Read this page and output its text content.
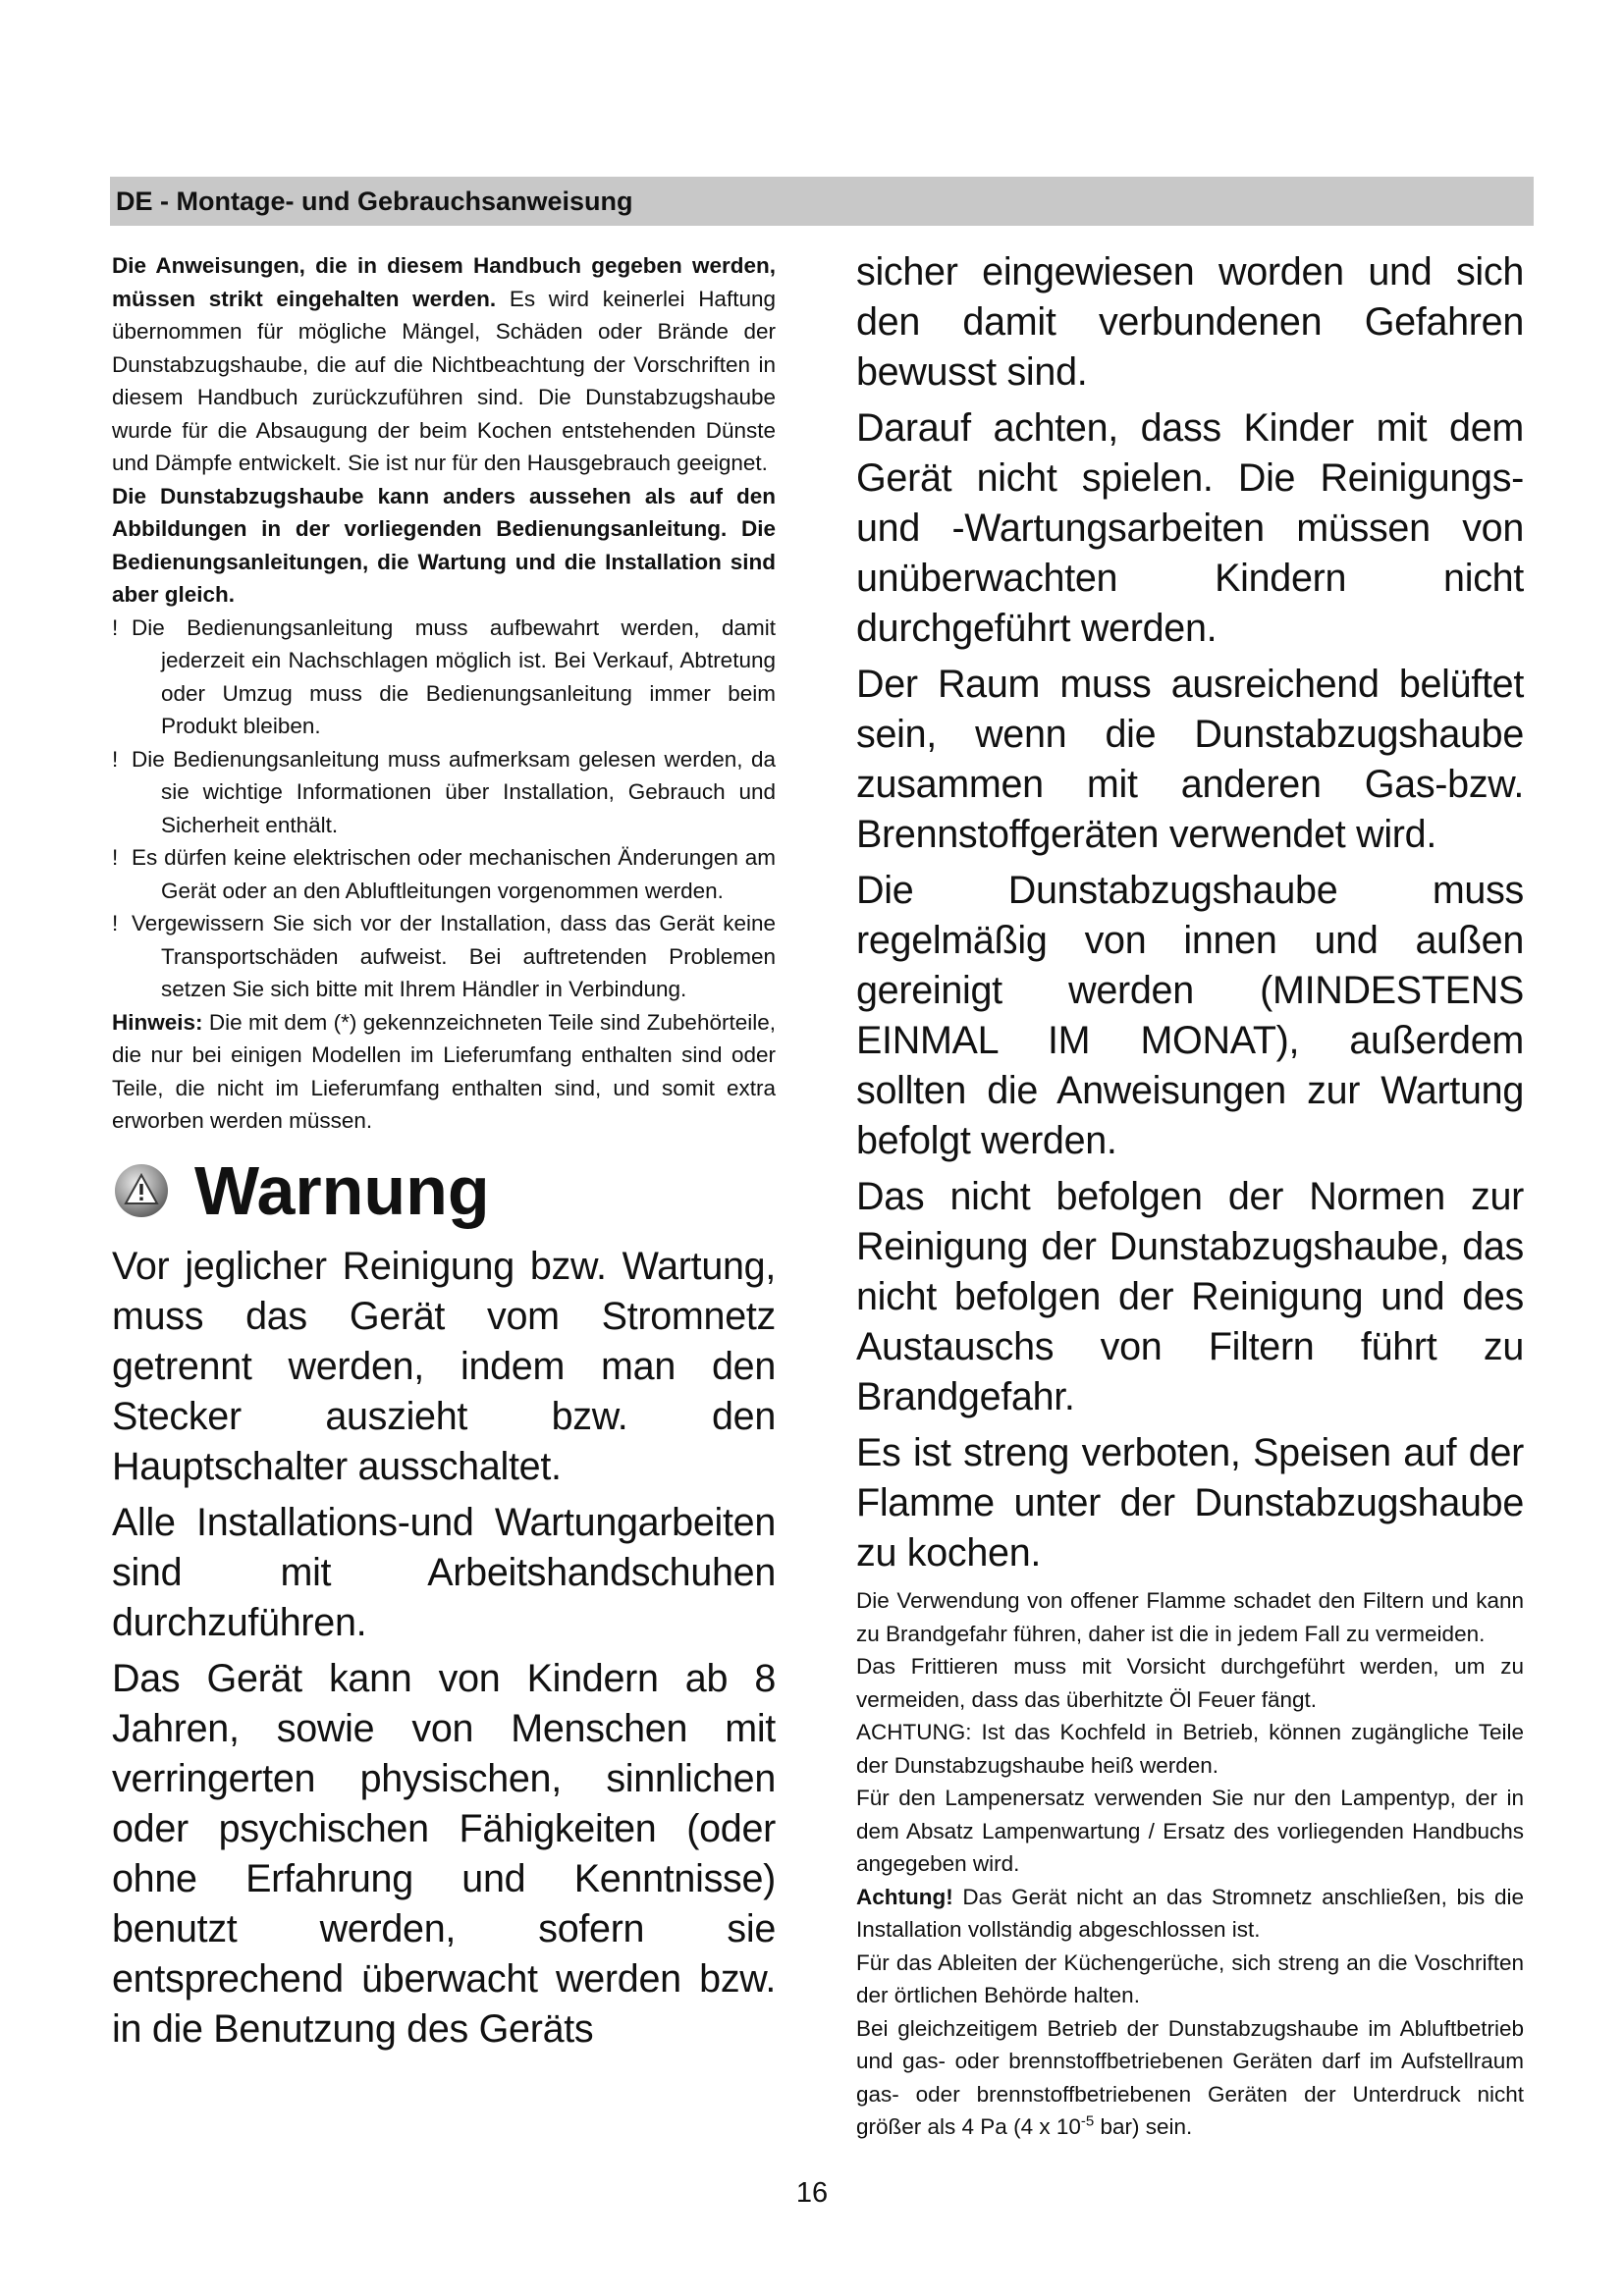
DE - Montage- und Gebrauchsanweisung

Die Anweisungen, die in diesem Handbuch gegeben werden, müssen strikt eingehalten werden. Es wird keinerlei Haftung übernommen für mögliche Mängel, Schäden oder Brände der Dunstabzugshaube, die auf die Nichtbeachtung der Vorschriften in diesem Handbuch zurückzuführen sind. Die Dunstabzugshaube wurde für die Absaugung der beim Kochen entstehenden Dünste und Dämpfe entwickelt. Sie ist nur für den Hausgebrauch geeignet.

Die Dunstabzugshaube kann anders aussehen als auf den Abbildungen in der vorliegenden Bedienungsanleitung. Die Bedienungsanleitungen, die Wartung und die Installation sind aber gleich.

! Die Bedienungsanleitung muss aufbewahrt werden, damit jederzeit ein Nachschlagen möglich ist. Bei Verkauf, Abtretung oder Umzug muss die Bedienungsanleitung immer beim Produkt bleiben.

! Die Bedienungsanleitung muss aufmerksam gelesen werden, da sie wichtige Informationen über Installation, Gebrauch und Sicherheit enthält.

! Es dürfen keine elektrischen oder mechanischen Änderungen am Gerät oder an den Abluftleitungen vorgenommen werden.

! Vergewissern Sie sich vor der Installation, dass das Gerät keine Transportschäden aufweist. Bei auftretenden Problemen setzen Sie sich bitte mit Ihrem Händler in Verbindung.

Hinweis: Die mit dem (*) gekennzeichneten Teile sind Zubehörteile, die nur bei einigen Modellen im Lieferumfang enthalten sind oder Teile, die nicht im Lieferumfang enthalten sind, und somit extra erworben werden müssen.

Warnung

Vor jeglicher Reinigung bzw. Wartung, muss das Gerät vom Stromnetz getrennt werden, indem man den Stecker auszieht bzw. den Hauptschalter ausschaltet.

Alle Installations-und Wartungarbeiten sind mit Arbeitshandschuhen durchzuführen.

Das Gerät kann von Kindern ab 8 Jahren, sowie von Menschen mit verringerten physischen, sinnlichen oder psychischen Fähigkeiten (oder ohne Erfahrung und Kenntnisse) benutzt werden, sofern sie entsprechend überwacht werden bzw. in die Benutzung des Geräts

sicher eingewiesen worden und sich den damit verbundenen Gefahren bewusst sind.

Darauf achten, dass Kinder mit dem Gerät nicht spielen. Die Reinigungs- und -Wartungsarbeiten müssen von unüberwachten Kindern nicht durchgeführt werden.

Der Raum muss ausreichend belüftet sein, wenn die Dunstabzugshaube zusammen mit anderen Gas-bzw. Brennstoffgeräten verwendet wird.

Die Dunstabzugshaube muss regelmäßig von innen und außen gereinigt werden (MINDESTENS EINMAL IM MONAT), außerdem sollten die Anweisungen zur Wartung befolgt werden.

Das nicht befolgen der Normen zur Reinigung der Dunstabzugshaube, das nicht befolgen der Reinigung und des Austauschs von Filtern führt zu Brandgefahr.

Es ist streng verboten, Speisen auf der Flamme unter der Dunstabzugshaube zu kochen.

Die Verwendung von offener Flamme schadet den Filtern und kann zu Brandgefahr führen, daher ist die in jedem Fall zu vermeiden.

Das Frittieren muss mit Vorsicht durchgeführt werden, um zu vermeiden, dass das überhitzte Öl Feuer fängt.

ACHTUNG: Ist das Kochfeld in Betrieb, können zugängliche Teile der Dunstabzugshaube heiß werden.

Für den Lampenersatz verwenden Sie nur den Lampentyp, der in dem Absatz Lampenwartung / Ersatz des vorliegenden Handbuchs angegeben wird.

Achtung! Das Gerät nicht an das Stromnetz anschließen, bis die Installation vollständig abgeschlossen ist.

Für das Ableiten der Küchengerüche, sich streng an die Voschriften der örtlichen Behörde halten.

Bei gleichzeitigem Betrieb der Dunstabzugshaube im Abluftbetrieb und gas- oder brennstoffbetriebenen Geräten darf im Aufstellraum gas- oder brennstoffbetriebenen Geräten der Unterdruck nicht größer als 4 Pa (4 x $10^{-5}$ bar) sein.

16
